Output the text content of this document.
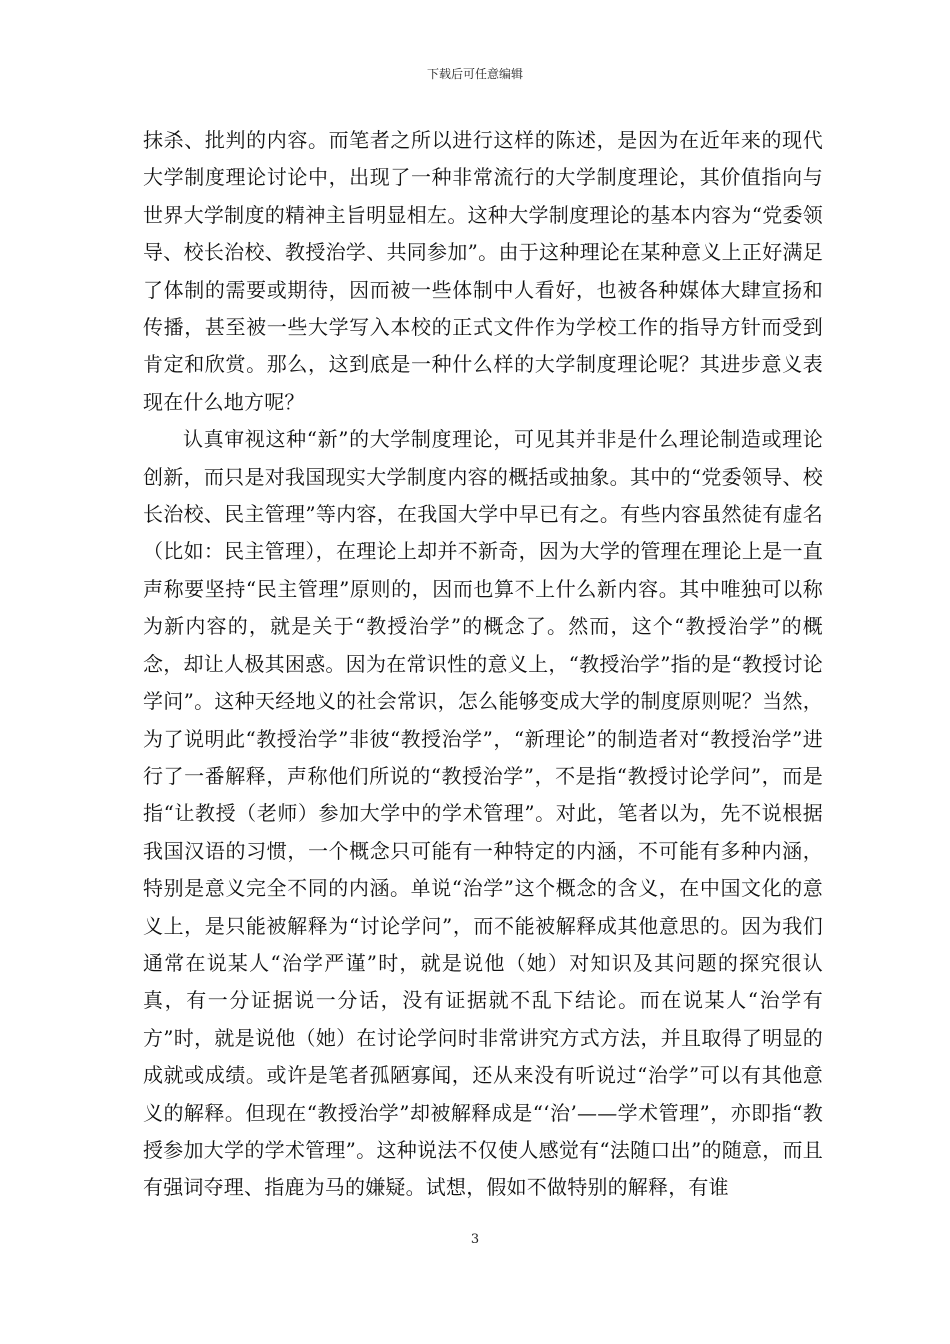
下载后可任意编辑

抹杀、批判的内容。而笔者之所以进行这样的陈述，是因为在近年来的现代大学制度理论讨论中，出现了一种非常流行的大学制度理论，其价值指向与世界大学制度的精神主旨明显相左。这种大学制度理论的基本内容为“党委领导、校长治校、教授治学、共同参加”。由于这种理论在某种意义上正好满足了体制的需要或期待，因而被一些体制中人看好，也被各种媒体大肆宣扬和传播，甚至被一些大学写入本校的正式文件作为学校工作的指导方针而受到肯定和欣赏。那么，这到底是一种什么样的大学制度理论呢？其进步意义表现在什么地方呢？

认真审视这种“新”的大学制度理论，可见其并非是什么理论制造或理论创新，而只是对我国现实大学制度内容的概括或抽象。其中的“党委领导、校长治校、民主管理”等内容，在我国大学中早已有之。有些内容虽然徒有虚名（比如：民主管理），在理论上却并不新奇，因为大学的管理在理论上是一直声称要坚持“民主管理”原则的，因而也算不上什么新内容。其中唯独可以称为新内容的，就是关于“教授治学”的概念了。然而，这个“教授治学”的概念，却让人极其困惑。因为在常识性的意义上，“教授治学”指的是“教授讨论学问”。这种天经地义的社会常识，怎么能够变成大学的制度原则呢？当然，为了说明此“教授治学”非彼“教授治学”，“新理论”的制造者对“教授治学”进行了一番解释，声称他们所说的“教授治学”，不是指“教授讨论学问”，而是指“让教授（老师）参加大学中的学术管理”。对此，笔者以为，先不说根据我国汉语的习惯，一个概念只可能有一种特定的内涵，不可能有多种内涵，特别是意义完全不同的内涵。单说“治学”这个概念的含义，在中国文化的意义上，是只能被解释为“讨论学问”，而不能被解释成其他意思的。因为我们通常在说某人“治学严谨”时，就是说他（她）对知识及其问题的探究很认真，有一分证据说一分话，没有证据就不乱下结论。而在说某人“治学有方”时，就是说他（她）在讨论学问时非常讲究方式方法，并且取得了明显的成就或成绩。或许是笔者孤陋寡闻，还从来没有听说过“治学”可以有其他意义的解释。但现在“教授治学”却被解释成是“‘治’——学术管理”，亦即指“教授参加大学的学术管理”。这种说法不仅使人感觉有“法随口出”的随意，而且有强词夺理、指鹿为马的嫌疑。试想，假如不做特别的解释，有谁

3
